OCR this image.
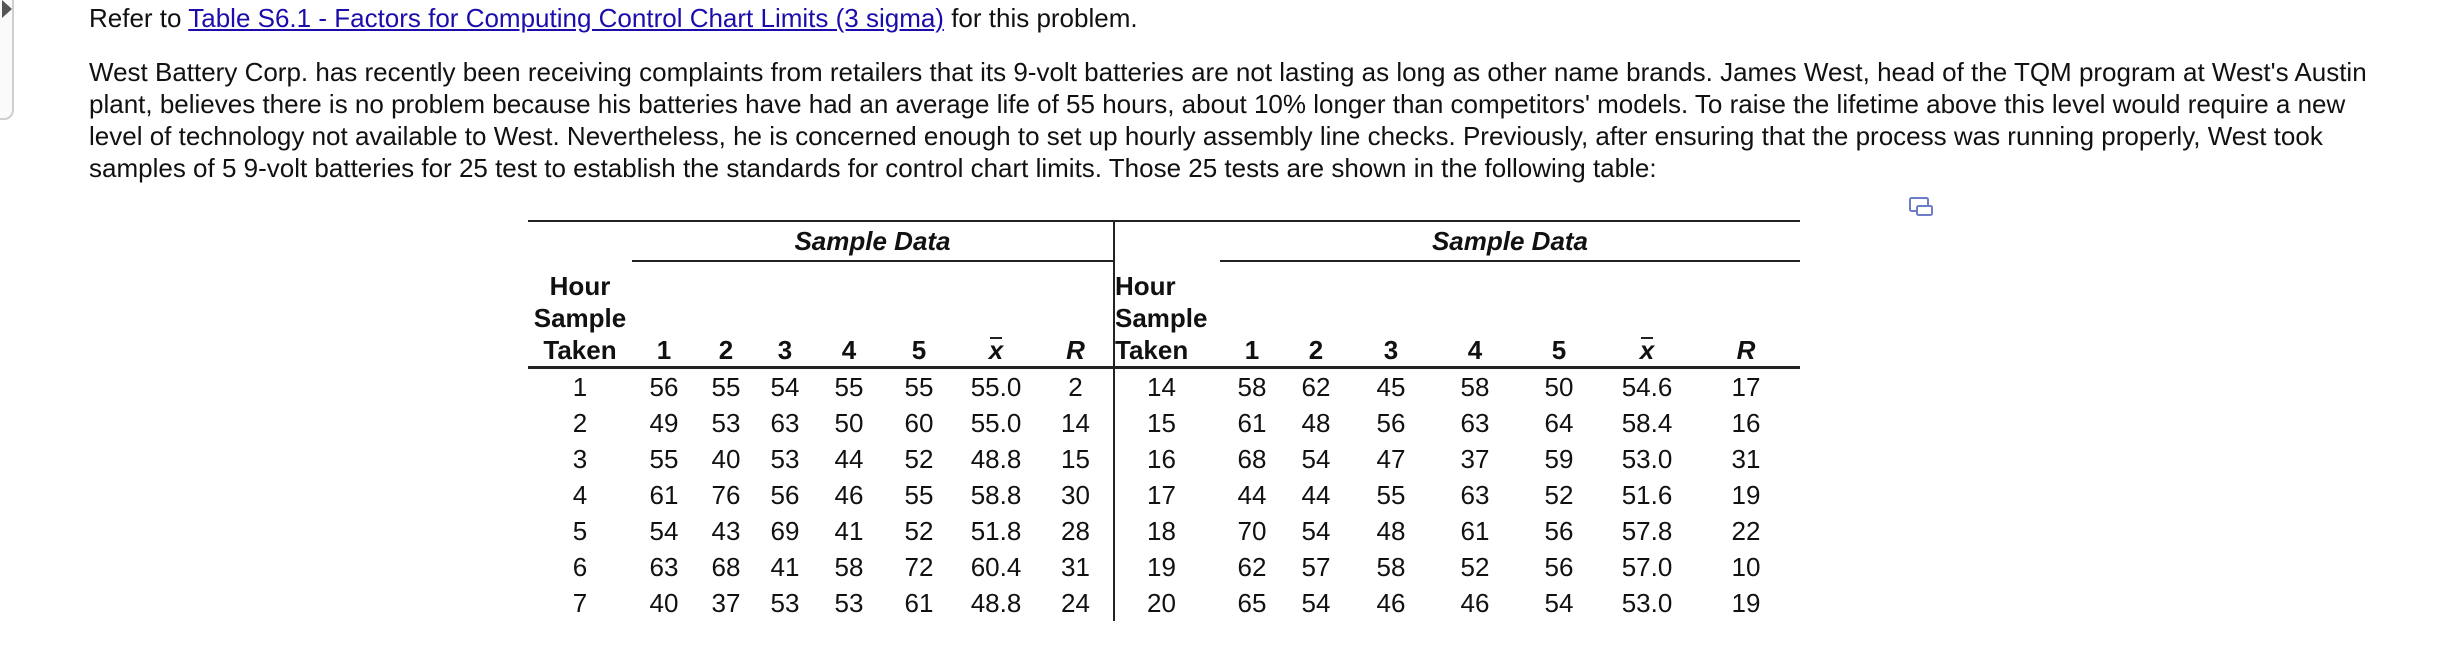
Refer to Table S6.1 - Factors for Computing Control Chart Limits (3 sigma) for this problem.

West Battery Corp. has recently been receiving complaints from retailers that its 9-volt batteries are not lasting as long as other name brands. James West, head of the TQM program at West's Austin plant, believes there is no problem because his batteries have had an average life of 55 hours, about 10% longer than competitors' models. To raise the lifetime above this level would require a new level of technology not available to West. Nevertheless, he is concerned enough to set up hourly assembly line checks. Previously, after ensuring that the process was running properly, West took samples of 5 9-volt batteries for 25 test to establish the standards for control chart limits. Those 25 tests are shown in the following table:

	Sample Data								Sample Data						
Hour
Sample
Taken	1	2	3	4	5	x	R	Hour
Sample
Taken	1	2	3	4	5	x	R
1	56	55	54	55	55	55.0	2	14	58	62	45	58	50	54.6	17
2	49	53	63	50	60	55.0	14	15	61	48	56	63	64	58.4	16
3	55	40	53	44	52	48.8	15	16	68	54	47	37	59	53.0	31
4	61	76	56	46	55	58.8	30	17	44	44	55	63	52	51.6	19
5	54	43	69	41	52	51.8	28	18	70	54	48	61	56	57.8	22
6	63	68	41	58	72	60.4	31	19	62	57	58	52	56	57.0	10
7	40	37	53	53	61	48.8	24	20	65	54	46	46	54	53.0	19
